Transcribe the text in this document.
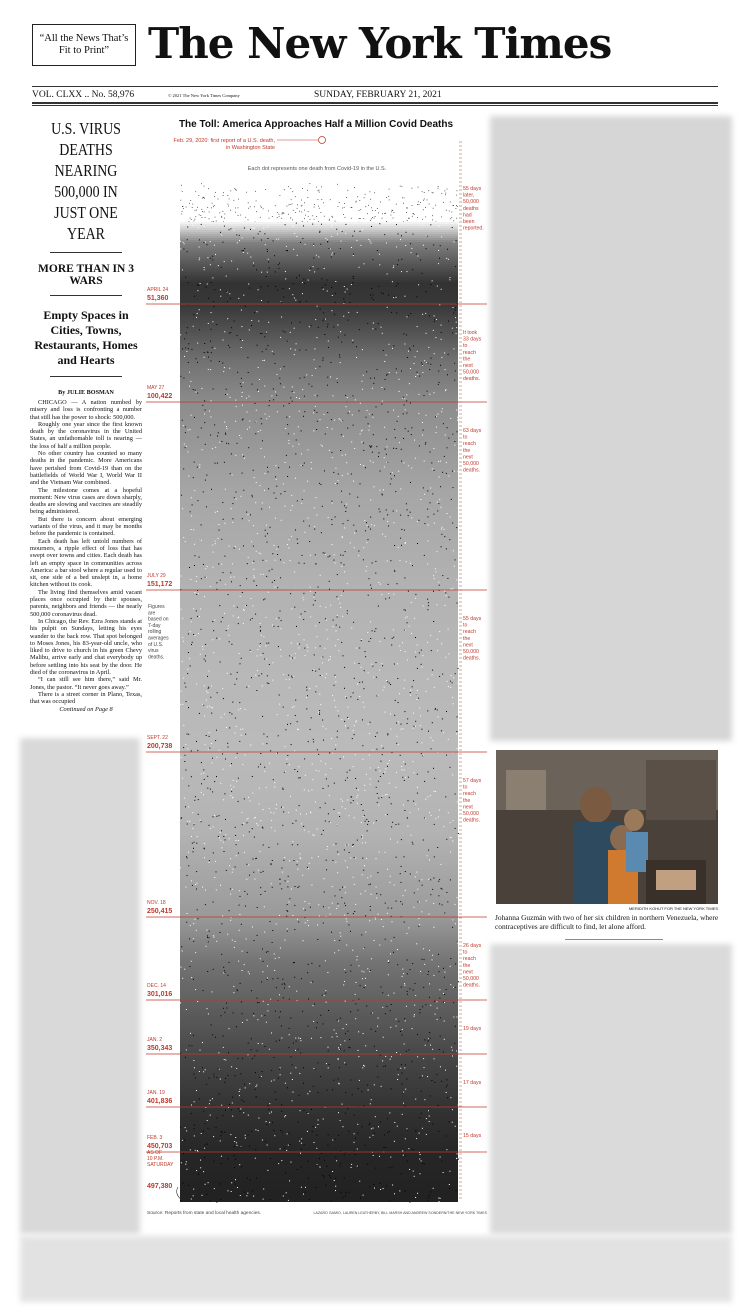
“All the News That’s Fit to Print” The New York Times
VOL. CLXX .. No. 58,976	© 2021 The New York Times Company	SUNDAY, FEBRUARY 21, 2021
U.S. VIRUS DEATHS NEARING 500,000 IN JUST ONE YEAR
MORE THAN IN 3 WARS
Empty Spaces in Cities, Towns, Restaurants, Homes and Hearts
By JULIE BOSMAN

CHICAGO — A nation numbed by misery and loss is confronting a number that still has the power to shock: 500,000.

Roughly one year since the first known death by the coronavirus in the United States, an unfathomable toll is nearing — the loss of half a million people.

No other country has counted so many deaths in the pandemic. More Americans have perished from Covid-19 than on the battlefields of World War I, World War II and the Vietnam War combined.

The milestone comes at a hopeful moment: New virus cases are down sharply, deaths are slowing and vaccines are steadily being administered.

But there is concern about emerging variants of the virus, and it may be months before the pandemic is contained.

Each death has left untold numbers of mourners, a ripple effect of loss that has swept over towns and cities. Each death has left an empty space in communities across America: a bar stool where a regular used to sit, one side of a bed unslept in, a home kitchen without its cook.

The living find themselves amid vacant places once occupied by their spouses, parents, neighbors and friends — the nearly 500,000 coronavirus dead.

In Chicago, the Rev. Ezra Jones stands at his pulpit on Sundays, letting his eyes wander to the back row. That spot belonged to Moses Jones, his 83-year-old uncle, who liked to drive to church in his green Chevy Malibu, arrive early and chat everybody up before settling into his seat by the door. He died of the coronavirus in April.

“I can still see him there,” said Mr. Jones, the pastor. “It never goes away.”

There is a street corner in Plano, Texas, that was occupied

Continued on Page 8
The Toll: America Approaches Half a Million Covid Deaths
Each dot represents one death from Covid-19 in the U.S.
Feb. 29, 2020: first report of a U.S. death, in Washington State
APRIL 24
51,360
55 days later, 50,000 deaths had been reported.
MAY 27
100,422
It took 33 days to reach the next 50,000 deaths.
JULY 29
151,172
63 days to reach the next 50,000 deaths.
SEPT. 22
200,738
55 days to reach the next 50,000 deaths.
NOV. 18
250,415
57 days to reach the next 50,000 deaths.
DEC. 14
301,016
26 days to reach the next 50,000 deaths.
JAN. 2
350,343
19 days
JAN. 19
401,836
17 days
FEB. 3
450,703
15 days
AS OF 10 P.M. SATURDAY
497,380
Figures are based on 7-day rolling averages of U.S. virus deaths.
Source: Reports from state and local health agencies.	LAZARO GAMIO, LAUREN LEATHERBY, BILL MARSH AND ANDREW SONDERN/THE NEW YORK TIMES
MERIDITH KOHUT FOR THE NEW YORK TIMES
Johanna Guzmán with two of her six children in northern Venezuela, where contraceptives are difficult to find, let alone afford.
